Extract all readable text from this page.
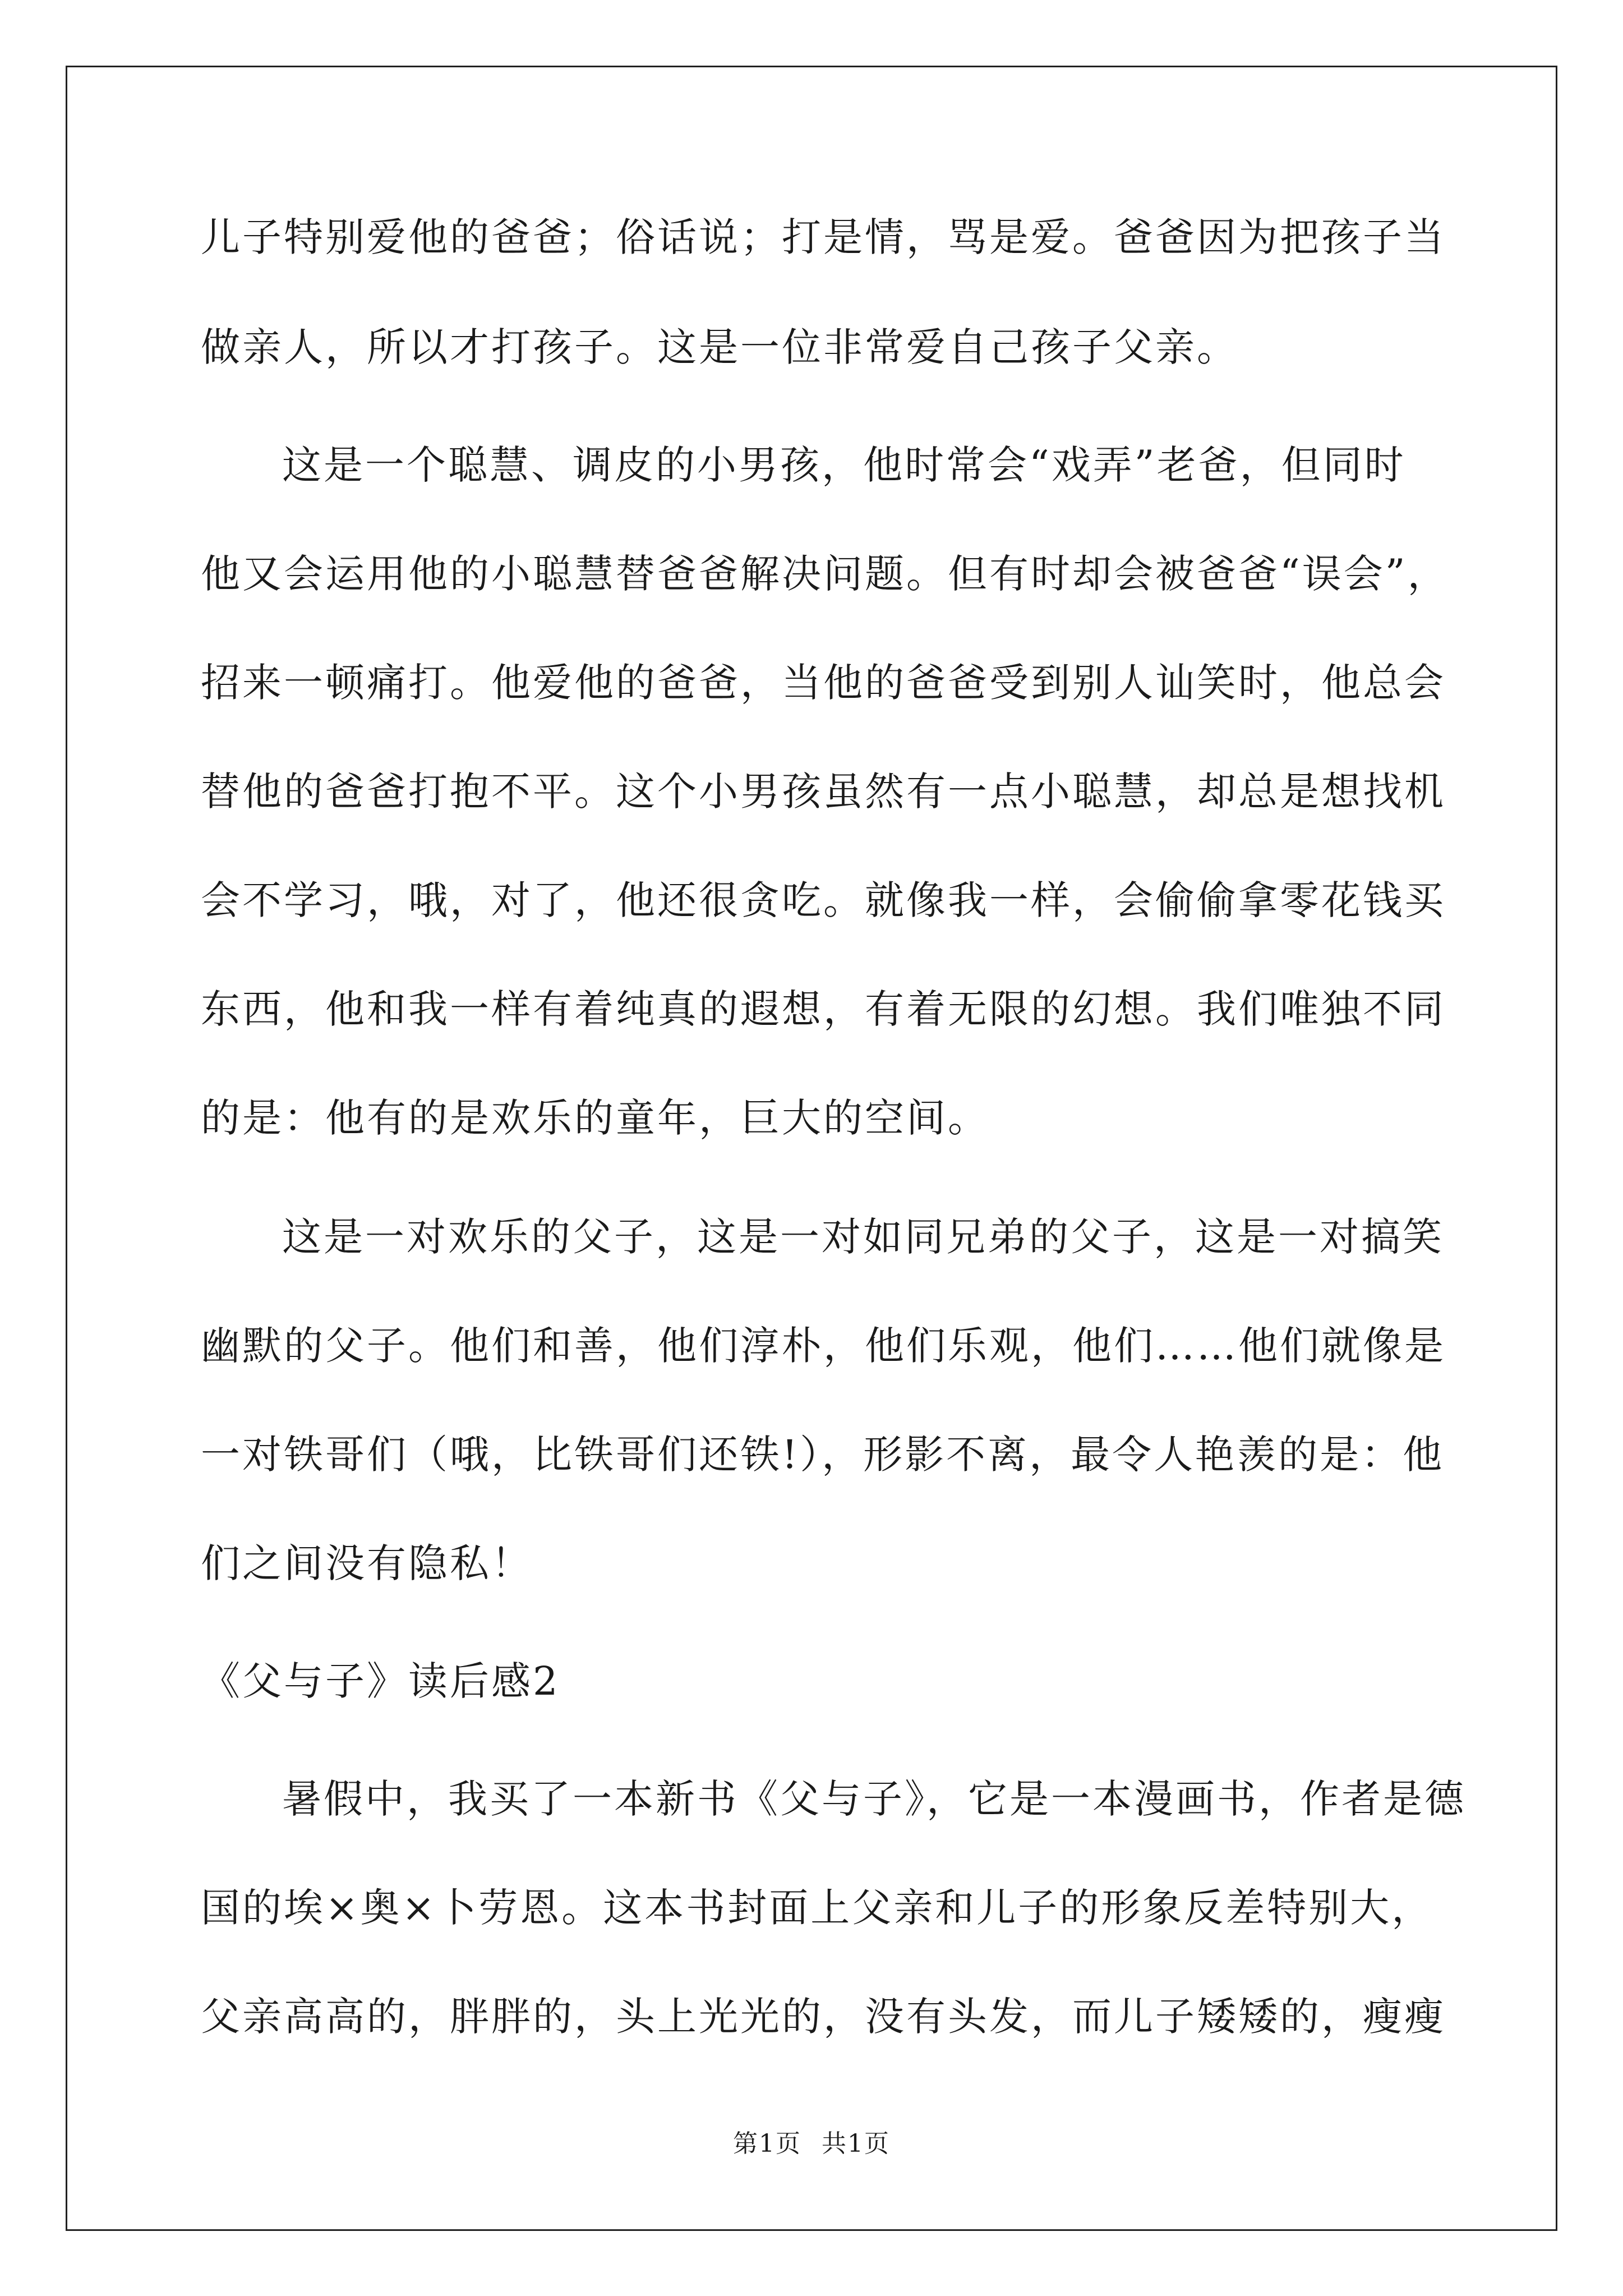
儿子特别爱他的爸爸；俗话说；打是情，骂是爱。爸爸因为把孩子当

做亲人，所以才打孩子。这是一位非常爱自己孩子父亲。

这是一个聪慧、调皮的小男孩，他时常会“戏弄”老爸，但同时

他又会运用他的小聪慧替爸爸解决问题。但有时却会被爸爸“误会”，

招来一顿痛打。他爱他的爸爸，当他的爸爸受到别人讪笑时，他总会

替他的爸爸打抱不平。这个小男孩虽然有一点小聪慧，却总是想找机

会不学习，哦，对了，他还很贪吃。就像我一样，会偷偷拿零花钱买

东西，他和我一样有着纯真的遐想，有着无限的幻想。我们唯独不同

的是：他有的是欢乐的童年，巨大的空间。

这是一对欢乐的父子，这是一对如同兄弟的父子，这是一对搞笑

幽默的父子。他们和善，他们淳朴，他们乐观，他们……他们就像是

一对铁哥们（哦，比铁哥们还铁!），形影不离，最令人艳羡的是：他

们之间没有隐私！

《父与子》读后感2

暑假中，我买了一本新书《父与子》，它是一本漫画书，作者是德

国的埃×奥×卜劳恩。这本书封面上父亲和儿子的形象反差特别大，

父亲高高的，胖胖的，头上光光的，没有头发，而儿子矮矮的，瘦瘦

第1页 共1页
